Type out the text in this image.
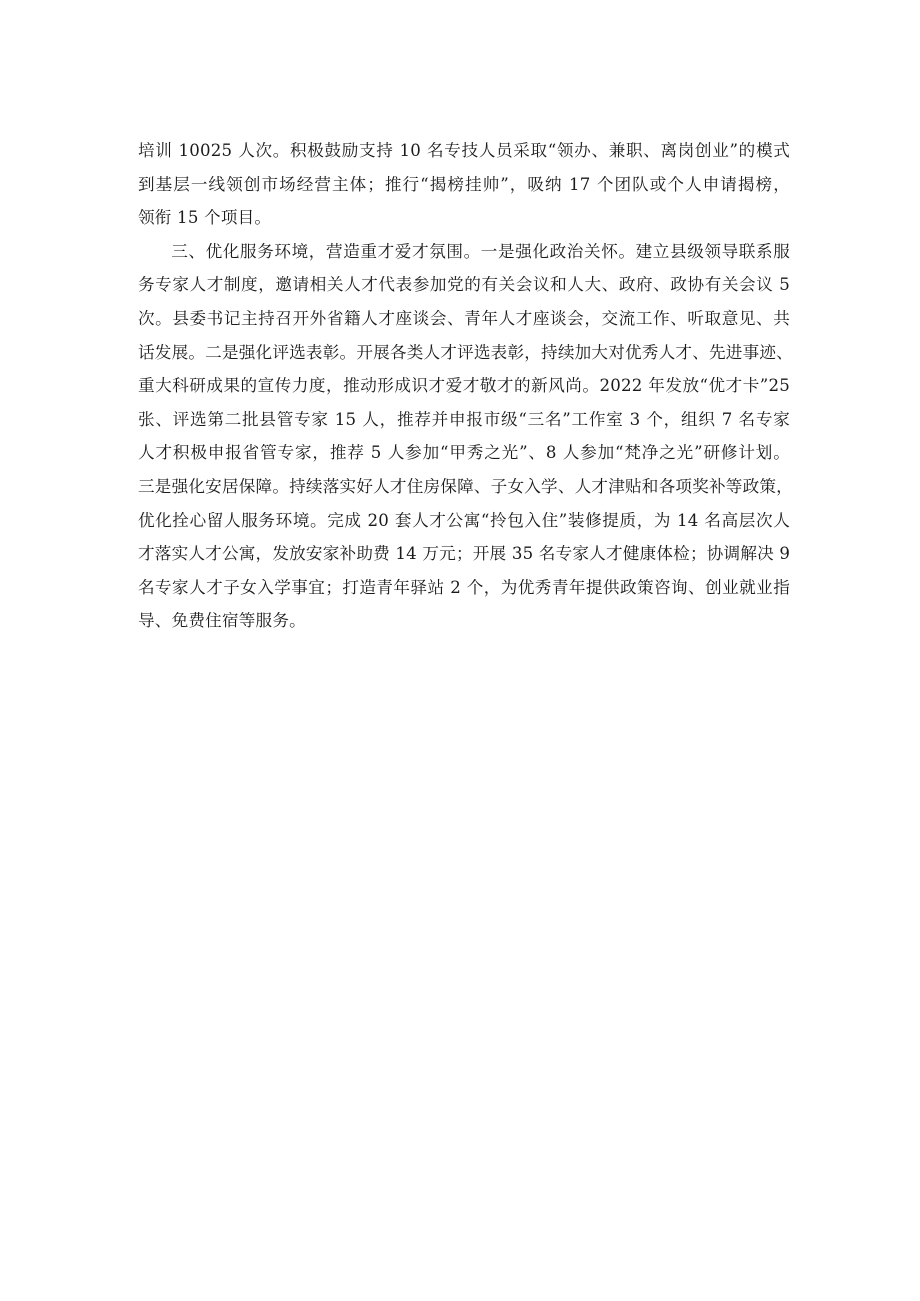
培训 10025 人次。积极鼓励支持 10 名专技人员采取“领办、兼职、离岗创业”的模式
到基层一线领创市场经营主体；推行“揭榜挂帅”，吸纳 17 个团队或个人申请揭榜，
领衔 15 个项目。
三、优化服务环境，营造重才爱才氛围。一是强化政治关怀。建立县级领导联系服
务专家人才制度，邀请相关人才代表参加党的有关会议和人大、政府、政协有关会议 5
次。县委书记主持召开外省籍人才座谈会、青年人才座谈会，交流工作、听取意见、共
话发展。二是强化评选表彰。开展各类人才评选表彰，持续加大对优秀人才、先进事迹、
重大科研成果的宣传力度，推动形成识才爱才敬才的新风尚。2022 年发放“优才卡”25
张、评选第二批县管专家 15 人，推荐并申报市级“三名”工作室 3 个，组织 7 名专家
人才积极申报省管专家，推荐 5 人参加“甲秀之光”、8 人参加“梵净之光”研修计划。
三是强化安居保障。持续落实好人才住房保障、子女入学、人才津贴和各项奖补等政策，
优化拴心留人服务环境。完成 20 套人才公寓“拎包入住”装修提质，为 14 名高层次人
才落实人才公寓，发放安家补助费 14 万元；开展 35 名专家人才健康体检；协调解决 9
名专家人才子女入学事宜；打造青年驿站 2 个，为优秀青年提供政策咨询、创业就业指
导、免费住宿等服务。
